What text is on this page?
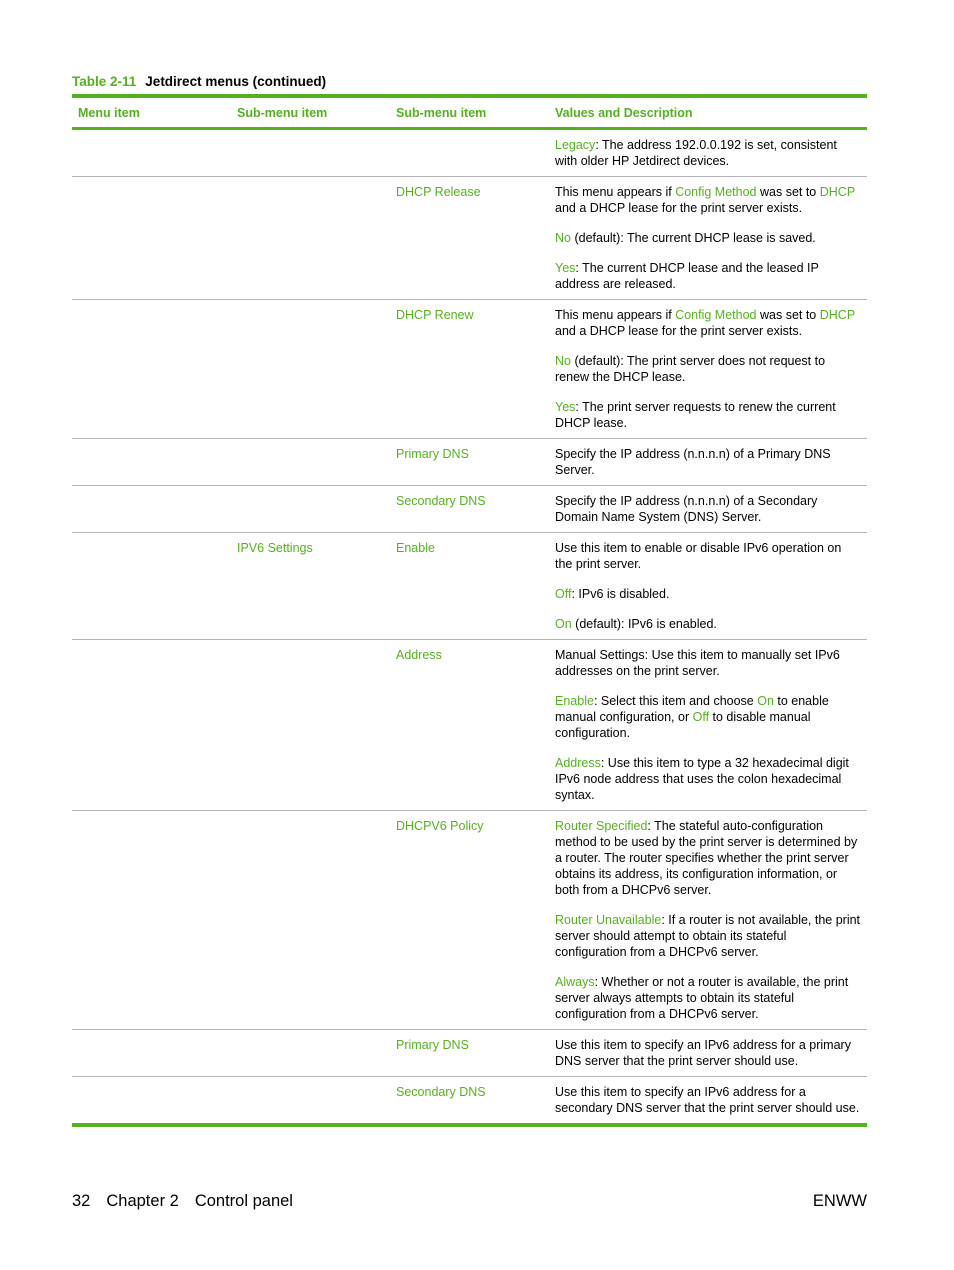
Table 2-11 Jetdirect menus (continued)
Menu item	Sub-menu item	Sub-menu item	Values and Description

			Legacy: The address 192.0.0.192 is set, consistent with older HP Jetdirect devices.

		DHCP Release	This menu appears if Config Method was set to DHCP and a DHCP lease for the print server exists.

No (default): The current DHCP lease is saved.

Yes: The current DHCP lease and the leased IP address are released.

		DHCP Renew	This menu appears if Config Method was set to DHCP and a DHCP lease for the print server exists.

No (default): The print server does not request to renew the DHCP lease.

Yes: The print server requests to renew the current DHCP lease.

		Primary DNS	Specify the IP address (n.n.n.n) of a Primary DNS Server.

		Secondary DNS	Specify the IP address (n.n.n.n) of a Secondary Domain Name System (DNS) Server.

	IPV6 Settings	Enable	Use this item to enable or disable IPv6 operation on the print server.

Off: IPv6 is disabled.

On (default): IPv6 is enabled.

		Address	Manual Settings: Use this item to manually set IPv6 addresses on the print server.

Enable: Select this item and choose On to enable manual configuration, or Off to disable manual configuration.

Address: Use this item to type a 32 hexadecimal digit IPv6 node address that uses the colon hexadecimal syntax.

		DHCPV6 Policy	Router Specified: The stateful auto-configuration method to be used by the print server is determined by a router. The router specifies whether the print server obtains its address, its configuration information, or both from a DHCPv6 server.

Router Unavailable: If a router is not available, the print server should attempt to obtain its stateful configuration from a DHCPv6 server.

Always: Whether or not a router is available, the print server always attempts to obtain its stateful configuration from a DHCPv6 server.

		Primary DNS	Use this item to specify an IPv6 address for a primary DNS server that the print server should use.

		Secondary DNS	Use this item to specify an IPv6 address for a secondary DNS server that the print server should use.

32 Chapter 2 Control panel	ENWW
